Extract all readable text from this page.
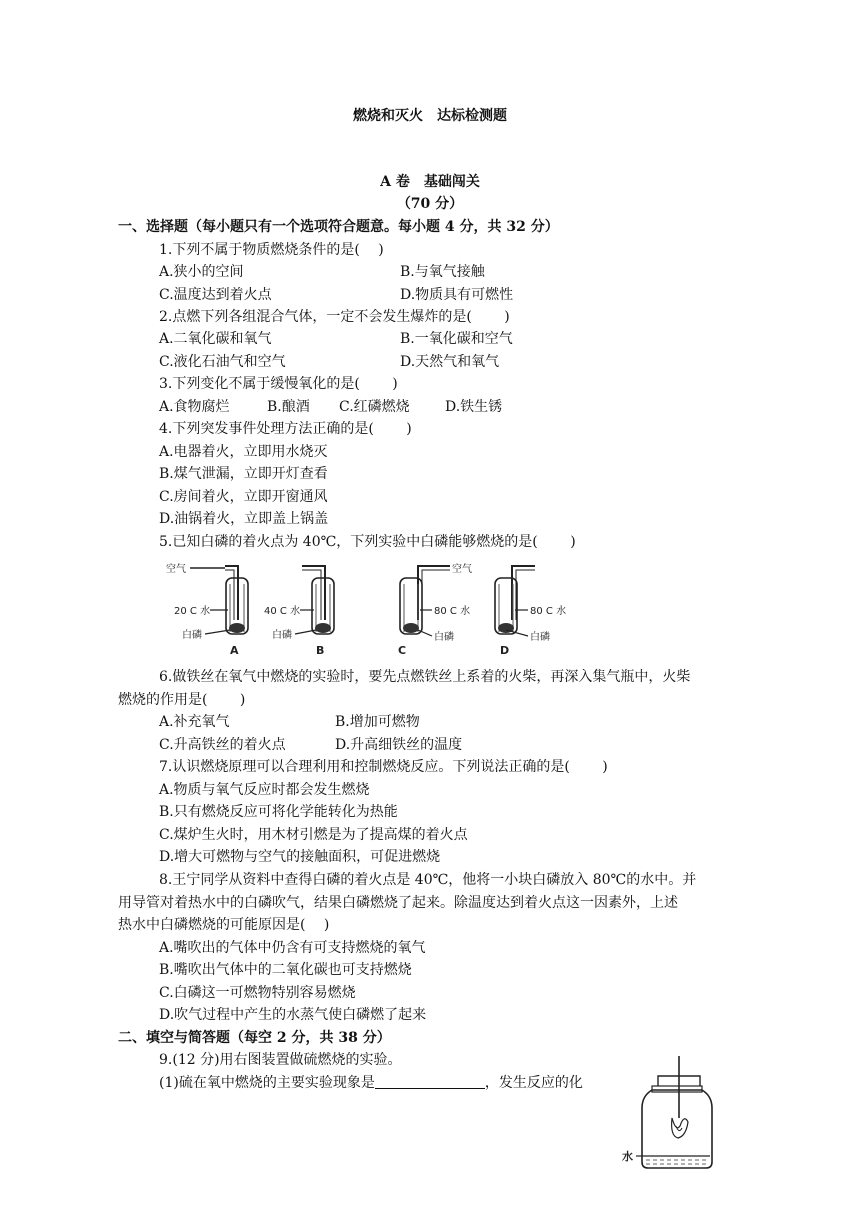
燃烧和灭火　达标检测题
A 卷　基础闯关
（70 分）
一、选择题（每小题只有一个选项符合题意。每小题 4 分，共 32 分）
1.下列不属于物质燃烧条件的是(　 )
A.狭小的空间	B.与氧气接触
C.温度达到着火点	D.物质具有可燃性
2.点燃下列各组混合气体，一定不会发生爆炸的是(　 　)
A.二氧化碳和氧气	B.一氧化碳和空气
C.液化石油气和空气	D.天然气和氧气
3.下列变化不属于缓慢氧化的是(　 　)
A.食物腐烂	B.酿酒 C.红磷燃烧	D.铁生锈
4.下列突发事件处理方法正确的是(　 　)
A.电器着火，立即用水烧灭
B.煤气泄漏，立即开灯查看
C.房间着火，立即开窗通风
D.油锅着火，立即盖上锅盖
5.已知白磷的着火点为 40℃，下列实验中白磷能够燃烧的是(　 　)
空气
20 C 水
白磷
A
40 C 水
白磷
B
空气
80 C 水
白磷
C
80 C 水
白磷
D
6.做铁丝在氧气中燃烧的实验时，要先点燃铁丝上系着的火柴，再深入集气瓶中，火柴
燃烧的作用是(　 　)
A.补充氧气	B.增加可燃物
C.升高铁丝的着火点	D.升高细铁丝的温度
7.认识燃烧原理可以合理利用和控制燃烧反应。下列说法正确的是(　 　)
A.物质与氧气反应时都会发生燃烧
B.只有燃烧反应可将化学能转化为热能
C.煤炉生火时，用木材引燃是为了提高煤的着火点
D.增大可燃物与空气的接触面积，可促进燃烧
8.王宁同学从资料中查得白磷的着火点是 40℃，他将一小块白磷放入 80℃的水中。并
用导管对着热水中的白磷吹气，结果白磷燃烧了起来。除温度达到着火点这一因素外，上述
热水中白磷燃烧的可能原因是(　 )
A.嘴吹出的气体中仍含有可支持燃烧的氧气
B.嘴吹出气体中的二氧化碳也可支持燃烧
C.白磷这一可燃物特别容易燃烧
D.吹气过程中产生的水蒸气使白磷燃了起来
二、填空与简答题（每空 2 分，共 38 分）
9.(12 分)用右图装置做硫燃烧的实验。
(1)硫在氧中燃烧的主要实验现象是	，发生反应的化
水
